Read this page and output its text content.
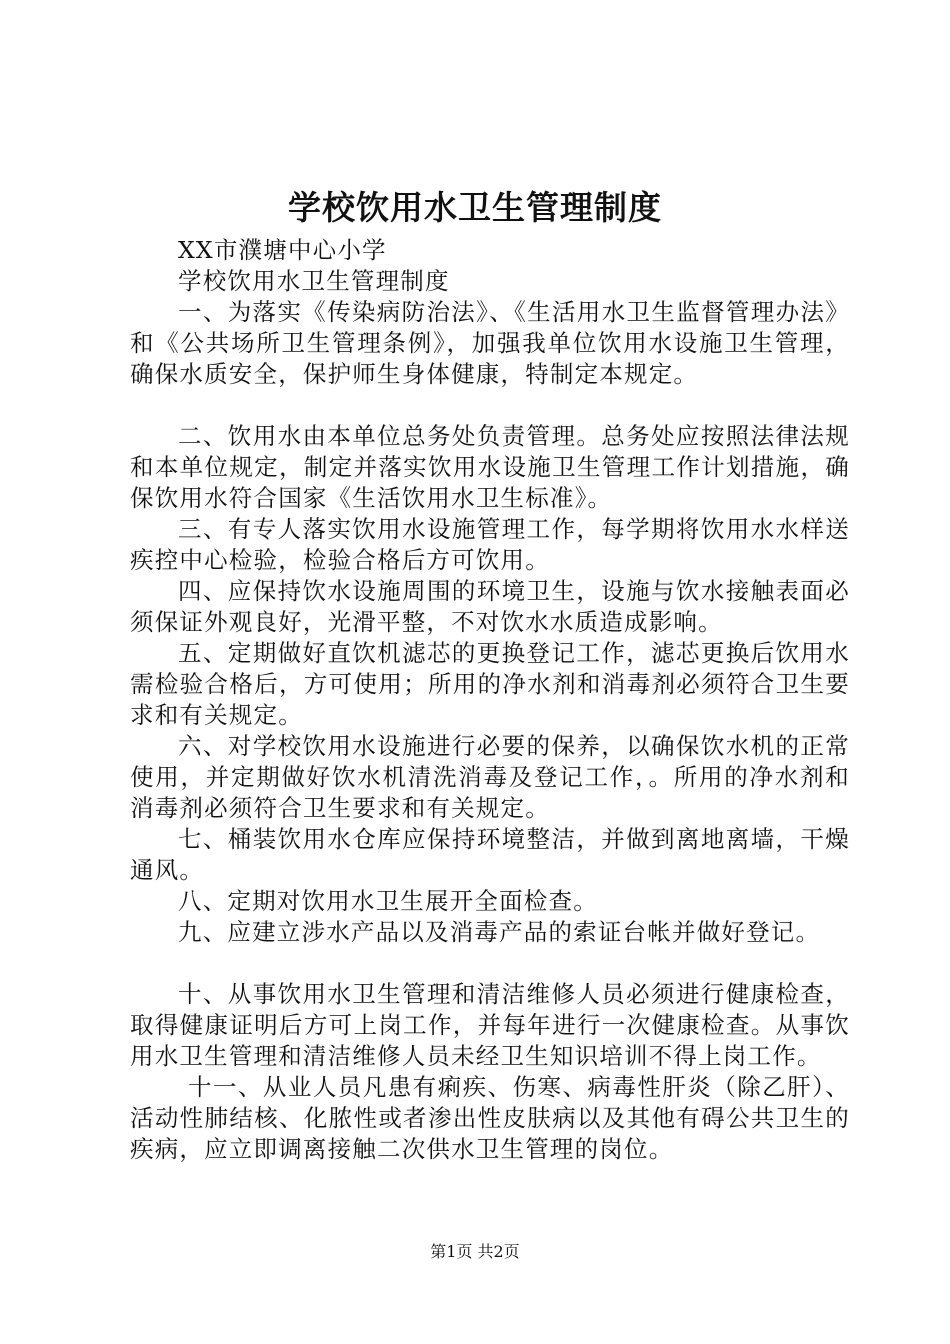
学校饮用水卫生管理制度

XX市濮塘中心小学

学校饮用水卫生管理制度

一、为落实《传染病防治法》、《生活用水卫生监督管理办法》和《公共场所卫生管理条例》，加强我单位饮用水设施卫生管理，确保水质安全，保护师生身体健康，特制定本规定。

二、饮用水由本单位总务处负责管理。总务处应按照法律法规和本单位规定，制定并落实饮用水设施卫生管理工作计划措施，确保饮用水符合国家《生活饮用水卫生标准》。

三、有专人落实饮用水设施管理工作，每学期将饮用水水样送疾控中心检验，检验合格后方可饮用。

四、应保持饮水设施周围的环境卫生，设施与饮水接触表面必须保证外观良好，光滑平整，不对饮水水质造成影响。

五、定期做好直饮机滤芯的更换登记工作，滤芯更换后饮用水需检验合格后，方可使用；所用的净水剂和消毒剂必须符合卫生要求和有关规定。

六、对学校饮用水设施进行必要的保养，以确保饮水机的正常使用，并定期做好饮水机清洗消毒及登记工作，。所用的净水剂和消毒剂必须符合卫生要求和有关规定。

七、桶装饮用水仓库应保持环境整洁，并做到离地离墙，干燥通风。

八、定期对饮用水卫生展开全面检查。

九、应建立涉水产品以及消毒产品的索证台帐并做好登记。

十、从事饮用水卫生管理和清洁维修人员必须进行健康检查，取得健康证明后方可上岗工作，并每年进行一次健康检查。从事饮用水卫生管理和清洁维修人员未经卫生知识培训不得上岗工作。

十一、从业人员凡患有痢疾、伤寒、病毒性肝炎（除乙肝）、活动性肺结核、化脓性或者渗出性皮肤病以及其他有碍公共卫生的疾病，应立即调离接触二次供水卫生管理的岗位。

第1页 共2页
